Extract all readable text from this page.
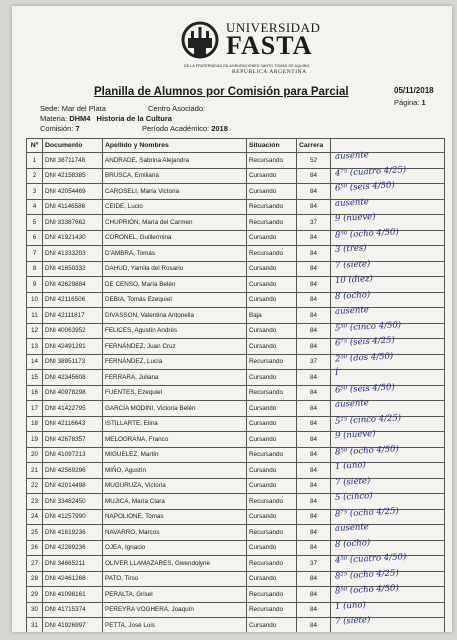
UNIVERSIDAD
FASTA
DE LA FRATERNIDAD DE AGRUPACIONES SANTO TOMÁS DE AQUINO
REPÚBLICA ARGENTINA
Planilla de Alumnos por Comisión para Parcial	05/11/2018
Página: 1
Sede: Mar del Plata	Centro Asociado:
Materia: DHM4 Historia de la Cultura
Comisión: 7	Período Académico: 2018
Nº	Documento	Apellido y Nombres	Situación	Carrera	
1	DNI 38711748	ANDRADE, Sabrina Alejandra	Recursando	52	ausente

2	DNI 42158385	BRUSCA, Emiliana	Cursando	84	4⁷⁵ (cuatro 4/25)

3	DNI 42054469	CAROSELI, María Victoria	Cursando	84	6⁵⁰ (seis 4/50)

4	DNI 41146586	CEIDE, Lucio	Recursando	84	ausente

5	DNI 33387662	CHUPRIÓN, María del Carmen	Recursando	37	9 (nueve)

6	DNI 41921430	CORONEL, Guillermina	Cursando	84	8⁵⁰ (ocho 4/50)

7	DNI 41333203	D'AMBRA, Tomás	Recursando	84	3 (tres)

8	DNI 41650332	DAHUD, Yamila del Rosario	Cursando	84	7 (siete)

9	DNI 42629884	DE CENSO, María Belén	Cursando	84	10 (diez)

10	DNI 42116506	DEBIA, Tomás Ezequiel	Cursando	84	8 (ocho)

11	DNI 42111817	DIVASSON, Valentina Antonella	Baja	84	ausente

12	DNI 40063952	FELICES, Agustín Andrés	Cursando	84	5⁵⁰ (cinco 4/50)

13	DNI 42491291	FERNÁNDEZ, Juan Cruz	Cursando	84	6⁷⁵ (seis 4/25)

14	DNI 38951173	FERNÁNDEZ, Lucía	Recursando	37	2⁵⁰ (dos 4/50)

15	DNI 42345608	FERRARA, Juliana	Cursando	84	Í

16	DNI 40978298	FUENTES, Ezequiel	Recursando	84	6⁵⁰ (seis 4/50)

17	DNI 41422795	GARCÍA MODINI, Victoria Belén	Cursando	84	ausente

18	DNI 42116643	ISTILLARTE, Elina	Cursando	84	5²⁵ (cinco 4/25)

19	DNI 42678357	MELOGRANA, Franco	Cursando	84	9 (nueve)

20	DNI 41097213	MIGUELEZ, Martín	Recursando	84	8⁵⁰ (ocho 4/50)

21	DNI 42569296	MIÑO, Agustín	Cursando	84	1 (uno)

22	DNI 42014498	MUGURUZA, Victoria	Cursando	84	7 (siete)

23	DNI 33482450	MUJICA, María Clara	Recursando	84	5 (cinco)

24	DNI 41257990	NAPOLIONE, Tomas	Cursando	84	8⁷⁵ (ocho 4/25)

25	DNI 41619236	NAVARRO, Marcos	Recursando	84	ausente

26	DNI 42289236	OJEA, Ignacio	Cursando	84	8 (ocho)

27	DNI 34665211	OLIVER LLAMAZARES, Gwendolyne	Recursando	37	4⁵⁰ (cuatro 4/50)

28	DNI 42461268	PATO, Tirso	Cursando	84	8²⁵ (ocho 4/25)

29	DNI 41098161	PERALTA, Grisel	Recursando	84	8⁵⁰ (ocho 4/50)

30	DNI 41715374	PEREYRA VOGHERA, Joaquín	Recursando	84	1 (uno)

31	DNI 41926997	PETTA, José Luis	Cursando	84	7 (siete)
